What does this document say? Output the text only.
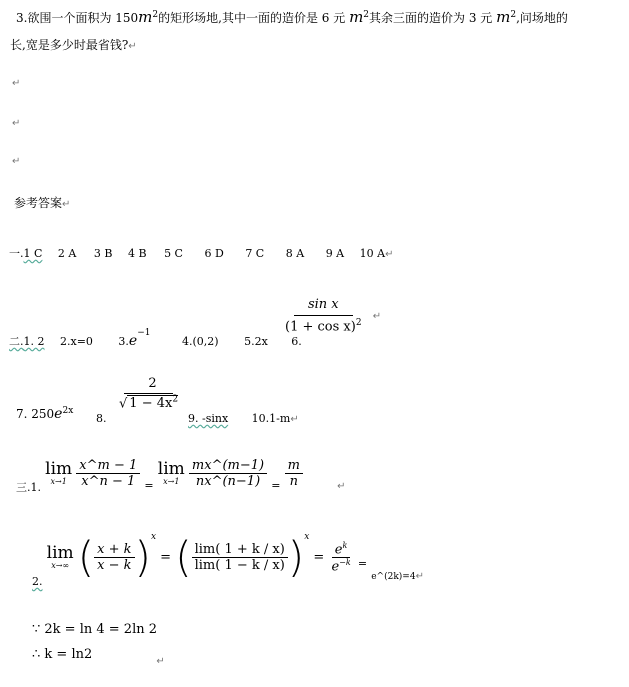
3.欲围一个面积为 $150m^2$的矩形场地,其中一面的造价是 6 元 $m^2$其余三面的造价为 3 元 $m^2$,问场地的
长,宽是多少时最省钱?↵
↵
↵
↵
参考答案↵
一.1 C 2 A 3 B 4 B 5 C 6 D 7 C 8 A 9 A 10 A↵
二.1. 2 2.x=0 $3.e^{-1}$ 4.(0,2) 5.2x 6.
$\frac{\text{sin x}}{(1 + \cos x)^2}$ ↵
7. $250e^{2x}$
8.
$\frac{2}{√ 1 - 4x^2}$
9. -sinx 10.1-m↵
$_{三.1.}$
lim
x→1
$\frac{x\^{}m - 1}{x\^{}n - 1} _=$
lim
x→1
$\frac{mx\^{}(m-1)}{nx\^{}(n-1)} _= \frac{m}{n}$	$_↵$
$_{2.}$
lim
x→∞ ( $\frac{x + k}{x - k} )^x$ = ( $\frac{\lim( 1 + k / x)}{\lim( 1 - k / x)} )^x = \frac{e^k}{e^{-k}} _=$ $_{e\^{}(2k)=4↵}$
∵ 2k = ln 4 = 2ln 2
∴ k = ln2	$_↵$
